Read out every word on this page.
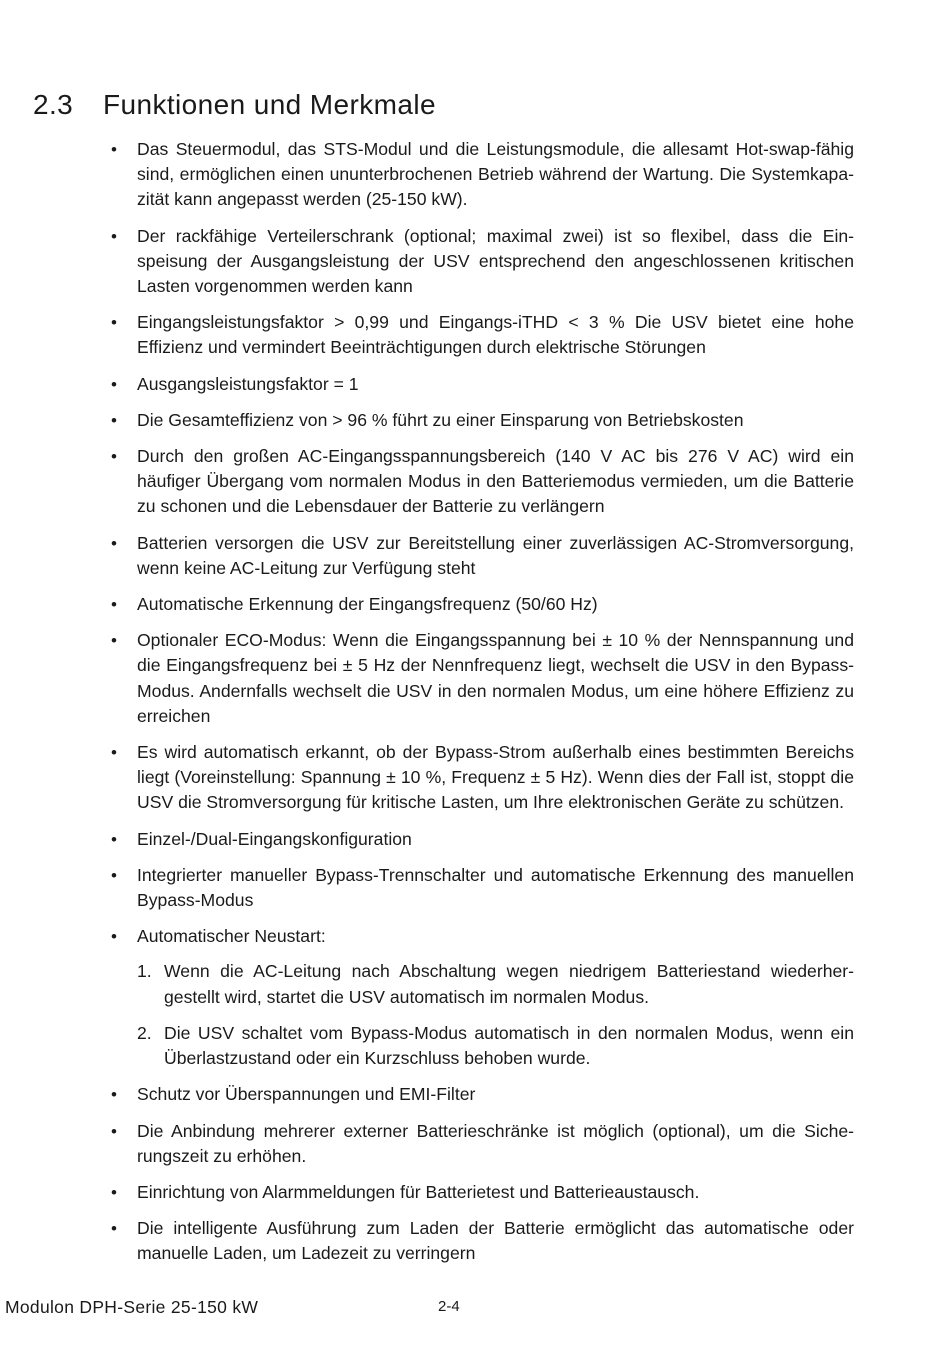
2.3 Funktionen und Merkmale
• Das Steuermodul, das STS-Modul und die Leistungsmodule, die allesamt Hot-swap-fähig sind, ermöglichen einen ununterbrochenen Betrieb während der Wartung. Die Systemkapazität kann angepasst werden (25-150 kW).
• Der rackfähige Verteilerschrank (optional; maximal zwei) ist so flexibel, dass die Einspeisung der Ausgangsleistung der USV entsprechend den angeschlossenen kritischen Lasten vorgenommen werden kann
• Eingangsleistungsfaktor > 0,99 und Eingangs-iTHD < 3 % Die USV bietet eine hohe Effizienz und vermindert Beeinträchtigungen durch elektrische Störungen
• Ausgangsleistungsfaktor = 1
• Die Gesamteffizienz von > 96 % führt zu einer Einsparung von Betriebskosten
• Durch den großen AC-Eingangsspannungsbereich (140 V AC bis 276 V AC) wird ein häufiger Übergang vom normalen Modus in den Batteriemodus vermieden, um die Batterie zu schonen und die Lebensdauer der Batterie zu verlängern
• Batterien versorgen die USV zur Bereitstellung einer zuverlässigen AC-Stromversorgung, wenn keine AC-Leitung zur Verfügung steht
• Automatische Erkennung der Eingangsfrequenz (50/60 Hz)
• Optionaler ECO-Modus: Wenn die Eingangsspannung bei ± 10 % der Nennspannung und die Eingangsfrequenz bei ± 5 Hz der Nennfrequenz liegt, wechselt die USV in den Bypass-Modus. Andernfalls wechselt die USV in den normalen Modus, um eine höhere Effizienz zu erreichen
• Es wird automatisch erkannt, ob der Bypass-Strom außerhalb eines bestimmten Bereichs liegt (Voreinstellung: Spannung ± 10 %, Frequenz ± 5 Hz). Wenn dies der Fall ist, stoppt die USV die Stromversorgung für kritische Lasten, um Ihre elektronischen Geräte zu schützen.
• Einzel-/Dual-Eingangskonfiguration
• Integrierter manueller Bypass-Trennschalter und automatische Erkennung des manuellen Bypass-Modus
• Automatischer Neustart:
1. Wenn die AC-Leitung nach Abschaltung wegen niedrigem Batteriestand wiederhergestellt wird, startet die USV automatisch im normalen Modus.
2. Die USV schaltet vom Bypass-Modus automatisch in den normalen Modus, wenn ein Überlastzustand oder ein Kurzschluss behoben wurde.
• Schutz vor Überspannungen und EMI-Filter
• Die Anbindung mehrerer externer Batterieschränke ist möglich (optional), um die Sicherungszeit zu erhöhen.
• Einrichtung von Alarmmeldungen für Batterietest und Batterieaustausch.
• Die intelligente Ausführung zum Laden der Batterie ermöglicht das automatische oder manuelle Laden, um Ladezeit zu verringern
Modulon DPH-Serie 25-150 kW	2-4
